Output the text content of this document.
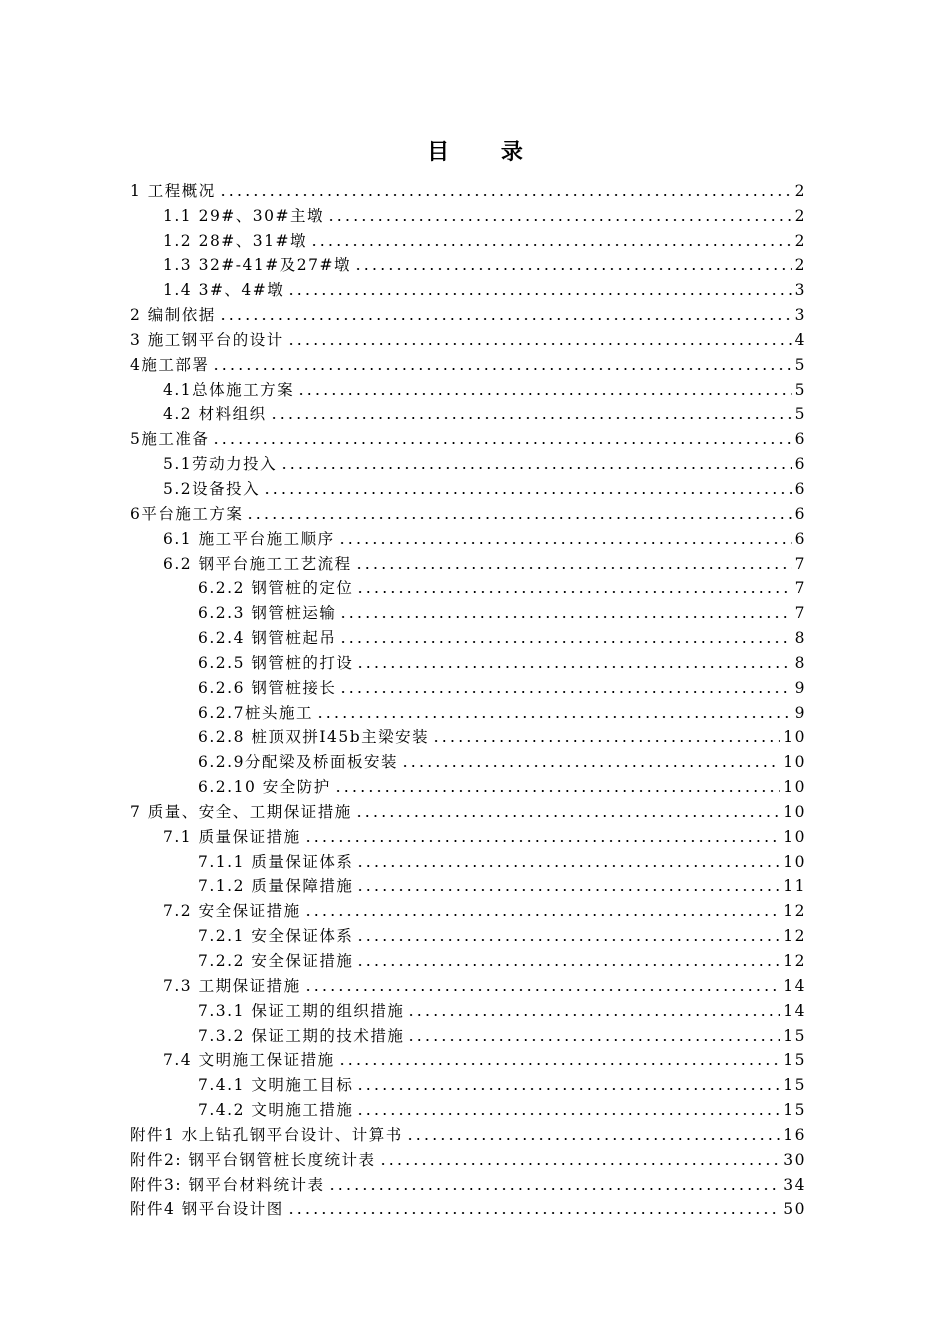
目 录
1 工程概况	2
1.1 29#、30#主墩	2
1.2 28#、31#墩	2
1.3 32#-41#及27#墩	2
1.4 3#、4#墩	3
2 编制依据	3
3 施工钢平台的设计	4
4施工部署	5
4.1总体施工方案	5
4.2 材料组织	5
5施工准备	6
5.1劳动力投入	6
5.2设备投入	6
6平台施工方案	6
6.1 施工平台施工顺序	6
6.2 钢平台施工工艺流程	7
6.2.2 钢管桩的定位	7
6.2.3 钢管桩运输	7
6.2.4 钢管桩起吊	8
6.2.5 钢管桩的打设	8
6.2.6 钢管桩接长	9
6.2.7桩头施工	9
6.2.8 桩顶双拼I45b主梁安装	10
6.2.9分配梁及桥面板安装	10
6.2.10 安全防护	10
7 质量、安全、工期保证措施	10
7.1 质量保证措施	10
7.1.1 质量保证体系	10
7.1.2 质量保障措施	11
7.2 安全保证措施	12
7.2.1 安全保证体系	12
7.2.2 安全保证措施	12
7.3 工期保证措施	14
7.3.1 保证工期的组织措施	14
7.3.2 保证工期的技术措施	15
7.4 文明施工保证措施	15
7.4.1 文明施工目标	15
7.4.2 文明施工措施	15
附件1 水上钻孔钢平台设计、计算书	16
附件2: 钢平台钢管桩长度统计表	30
附件3: 钢平台材料统计表	34
附件4 钢平台设计图	50
